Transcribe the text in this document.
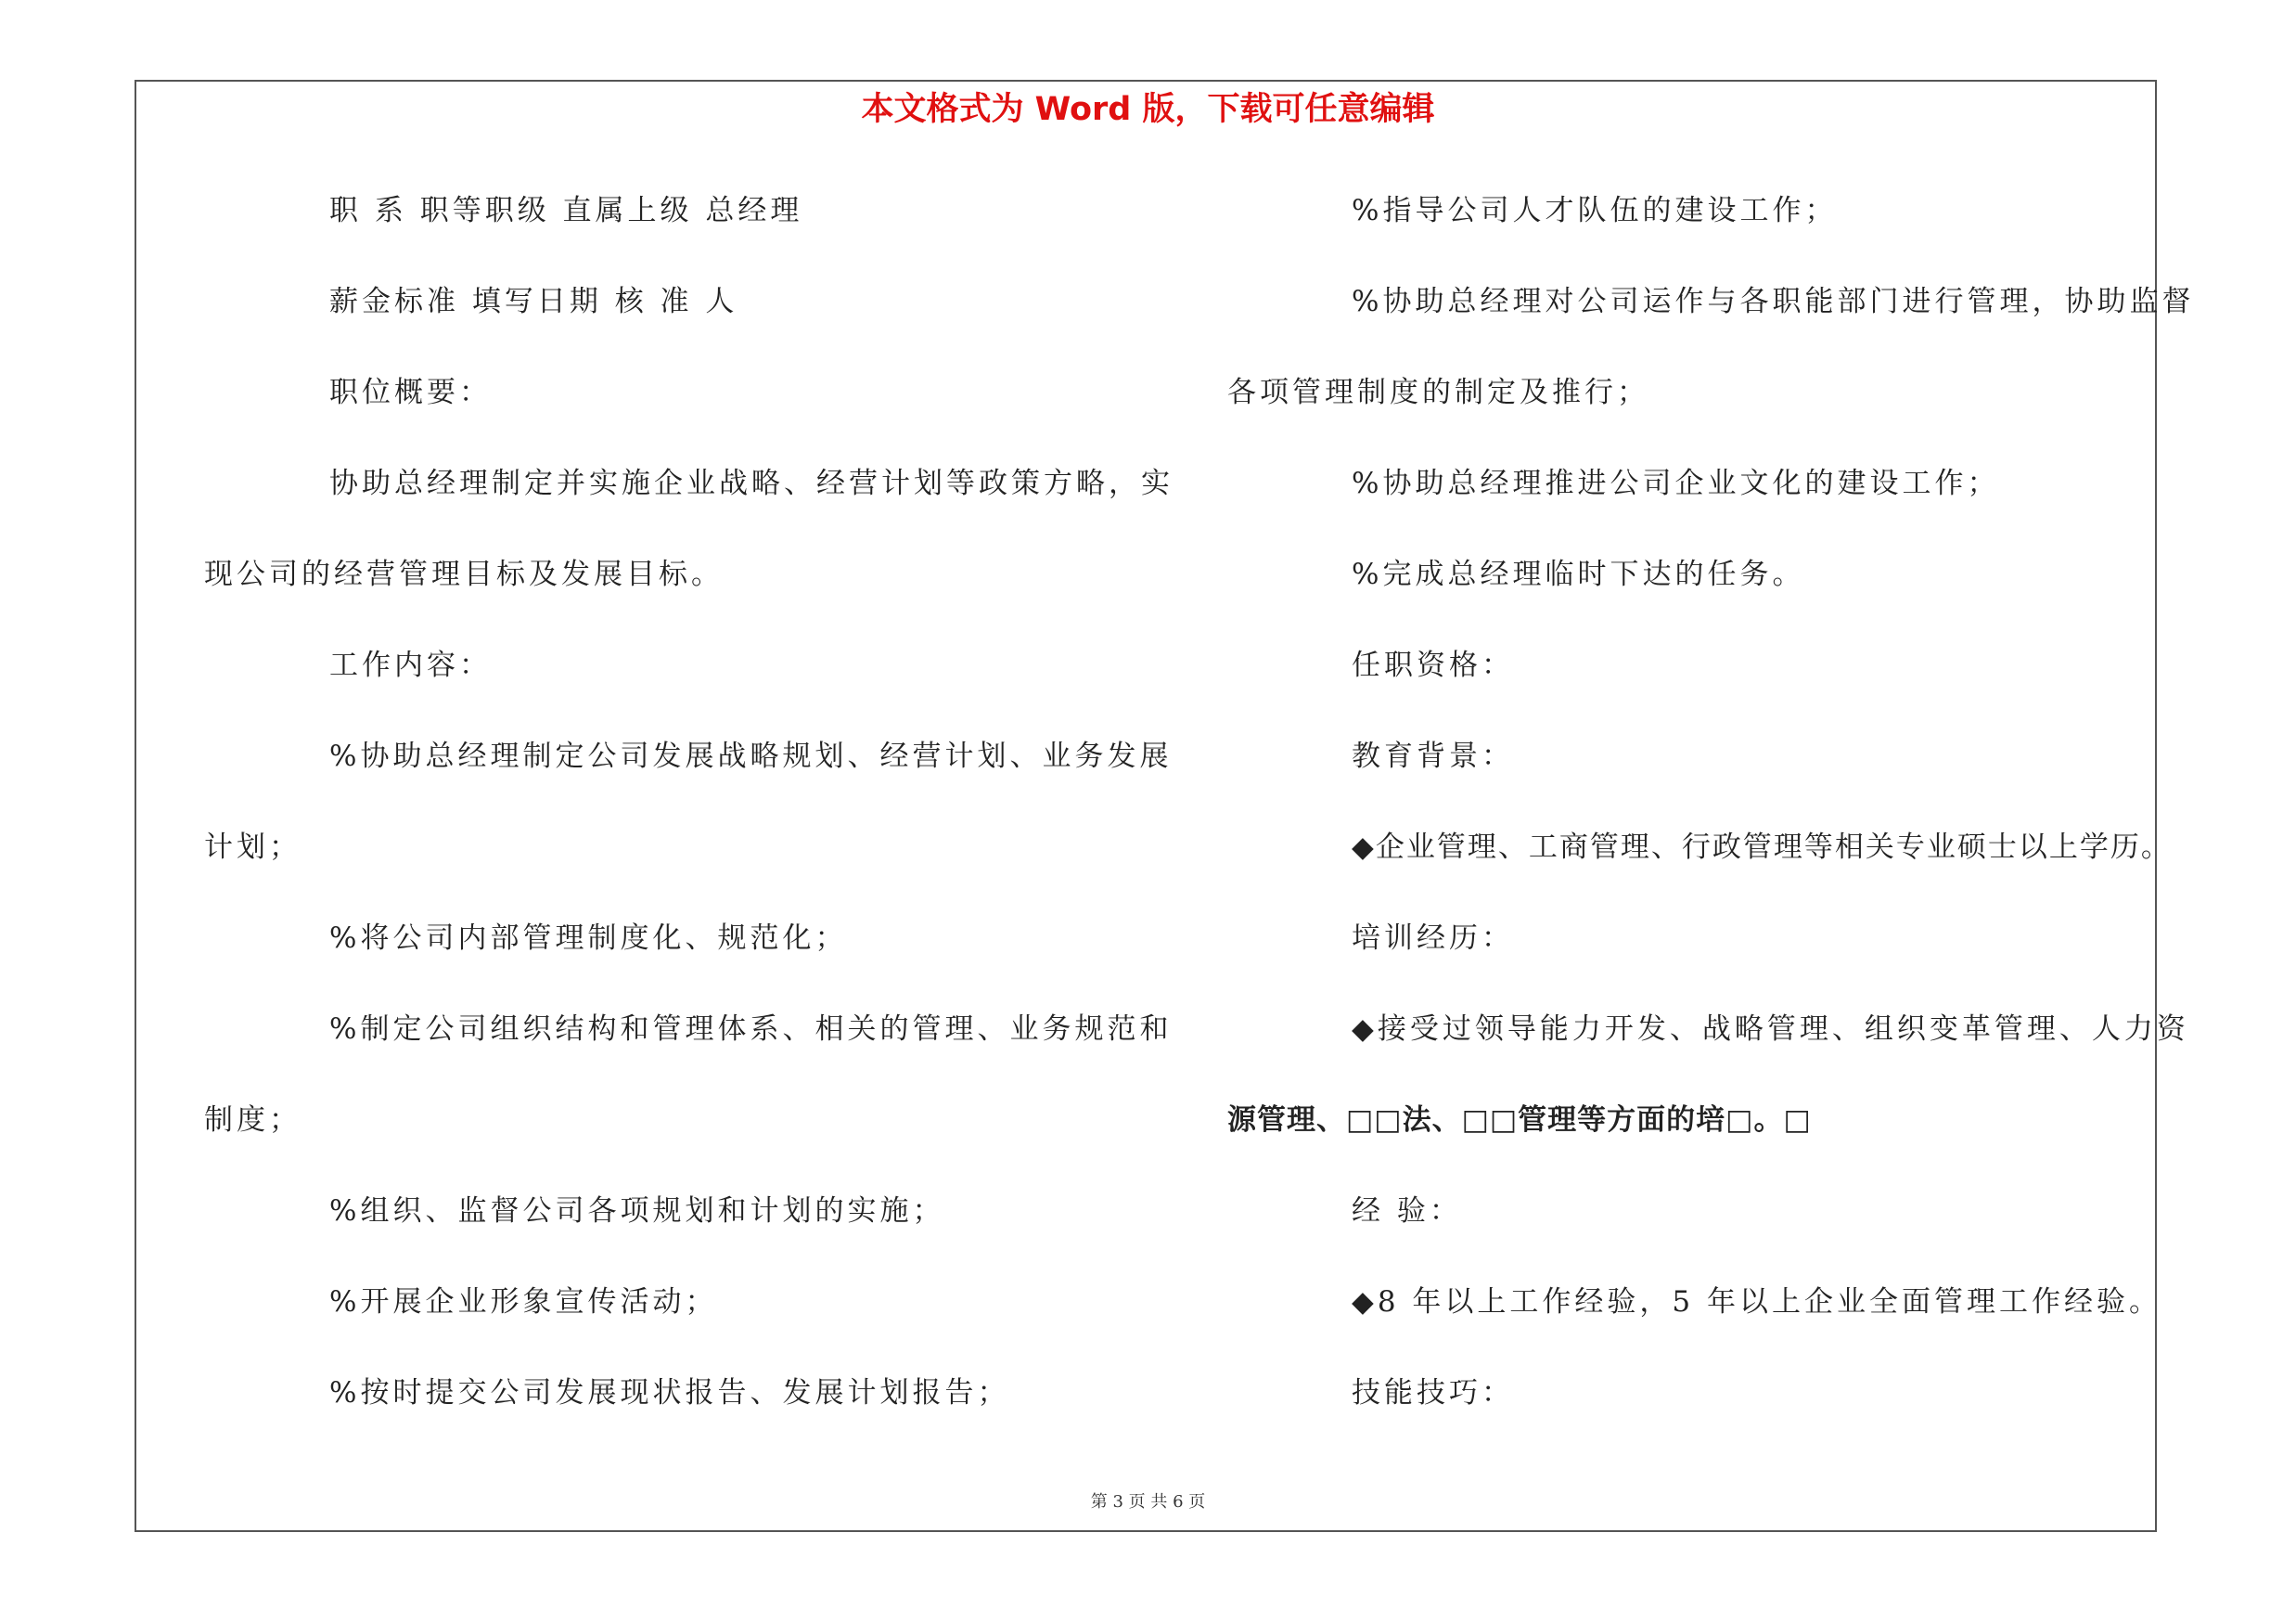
本文格式为 Word 版，下载可任意编辑
职 系 职等职级 直属上级 总经理
薪金标准 填写日期 核 准 人
职位概要：
协助总经理制定并实施企业战略、经营计划等政策方略，实
现公司的经营管理目标及发展目标。
工作内容：
%协助总经理制定公司发展战略规划、经营计划、业务发展
计划；
%将公司内部管理制度化、规范化；
%制定公司组织结构和管理体系、相关的管理、业务规范和
制度；
%组织、监督公司各项规划和计划的实施；
%开展企业形象宣传活动；
%按时提交公司发展现状报告、发展计划报告；
%指导公司人才队伍的建设工作；
%协助总经理对公司运作与各职能部门进行管理，协助监督
各项管理制度的制定及推行；
%协助总经理推进公司企业文化的建设工作；
%完成总经理临时下达的任务。
任职资格：
教育背景：
◆企业管理、工商管理、行政管理等相关专业硕士以上学历。
培训经历：
◆接受过领导能力开发、战略管理、组织变革管理、人力资
源管理、□□法、□□管理等方面的培□。□
经 验：
◆8 年以上工作经验，5 年以上企业全面管理工作经验。
技能技巧：
第 3 页 共 6 页
